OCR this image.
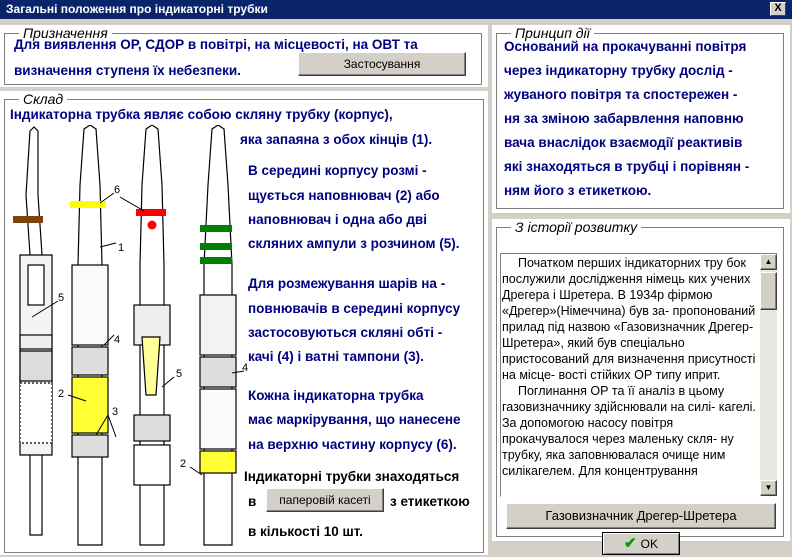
Загальні положення про індикаторні трубки	X
Призначення
Для виявлення ОР, СДОР в повітрі, на місцевості, на ОВТ та
визначення ступеня їх небезпеки.	Застосування
Склад
6
1
5
4
2
3
5	4
2
Індикаторна трубка являє собою скляну трубку (корпус),
яка запаяна з обох кінців (1).
В середині корпусу розмі -
щується наповнювач (2) або
наповнювач і одна або дві
скляних ампули з розчином (5).
Для розмежування шарів на -
повнювачів в середині корпусу
застосовуються скляні обті -
качі (4) і ватні тампони (3).
Кожна індикаторна трубка
має маркірування, що нанесене
на верхню частину корпусу (6).
Індикаторні трубки знаходяться
в	паперовій касеті	з етикеткою
в кількості 10 шт.
Принцип дії
Оснований на прокачуванні повітря
через індикаторну трубку дослід -
жуваного повітря та спостережен -
ня за зміною забарвлення наповню
вача внаслідок взаємодії реактивів
які знаходяться в трубці і порівнян -
ням його з етикеткою.
З історії розвитку

Початком перших індикаторних тру бок послужили дослідження німець ких учених Дрегера і Шретера. В 1934р фірмою «Дрегер»(Німеччина) був за- пропонований прилад під назвою «Газовизначник Дрегер-Шретера», який був спеціально пристосований для визначення присутності на місце- вості стійких ОР типу иприт.

Поглинання ОР та її аналіз в цьому газовизначнику здійснювали на силі- кагелі. За допомогою насосу повітря прокачувалося через маленьку скля- ну трубку, яка заповнювалася очище ним силікагелем. Для концентрування

▲
▼
Газовизначник Дрегер-Шретера
✔ OK
